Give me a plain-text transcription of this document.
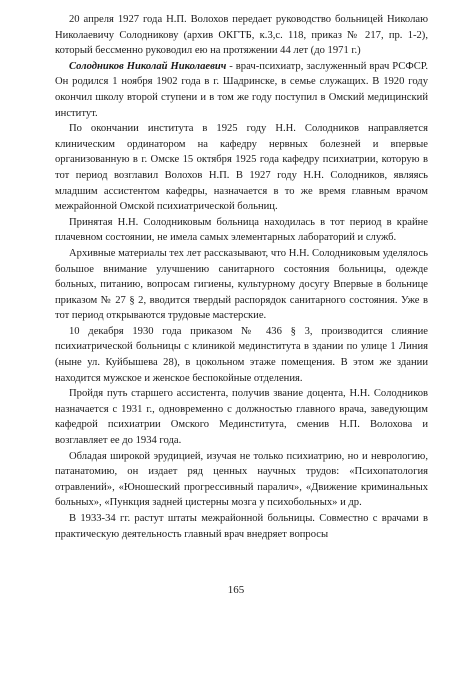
20 апреля 1927 года Н.П. Волохов передает руководство больницей Николаю Николаевичу Солодникову (архив ОКГТБ, к.3,с. 118, приказ № 217, пр. 1-2), который бессменно руководил ею на протяжении 44 лет (до 1971 г.)

Солодников Николай Николаевич - врач-психиатр, заслуженный врач РСФСР. Он родился 1 ноября 1902 года в г. Шадринске, в семье служащих. В 1920 году окончил школу второй ступени и в том же году поступил в Омский медицинский институт.

По окончании института в 1925 году Н.Н. Солодников направляется клиническим ординатором на кафедру нервных болезней и впервые организованную в г. Омске 15 октября 1925 года кафедру психиатрии, которую в тот период возглавил Волохов Н.П. В 1927 году Н.Н. Солодников, являясь младшим ассистентом кафедры, назначается в то же время главным врачом межрайонной Омской психиатрической больниц.

Принятая Н.Н. Солодниковым больница находилась в тот период в крайне плачевном состоянии, не имела самых элементарных лабораторий и служб.

Архивные материалы тех лет рассказывают, что Н.Н. Солодниковым уделялось большое внимание улучшению санитарного состояния больницы, одежде больных, питанию, вопросам гигиены, культурному досугу Впервые в больнице приказом № 27 § 2, вводится твердый распорядок санитарного состояния. Уже в тот период открываются трудовые мастерские.

10 декабря 1930 года приказом № 436 § 3, производится слияние психиатрической больницы с клиникой мединститута в здании по улице 1 Линия (ныне ул. Куйбышева 28), в цокольном этаже помещения. В этом же здании находится мужское и женское беспокойные отделения.

Пройдя путь старшего ассистента, получив звание доцента, Н.Н. Солодников назначается с 1931 г., одновременно с должностью главного врача, заведующим кафедрой психиатрии Омского Мединститута, сменив Н.П. Волохова и возглавляет ее до 1934 года.

Обладая широкой эрудицией, изучая не только психиатрию, но и неврологию, патанатомию, он издает ряд ценных научных трудов: «Психопатология отравлений», «Юношеский прогрессивный паралич», «Движение криминальных больных», «Пункция задней цистерны мозга у психобольных» и др.

В 1933-34 гг. растут штаты межрайонной больницы. Совместно с врачами в практическую деятельность главный врач внедряет вопросы

165
